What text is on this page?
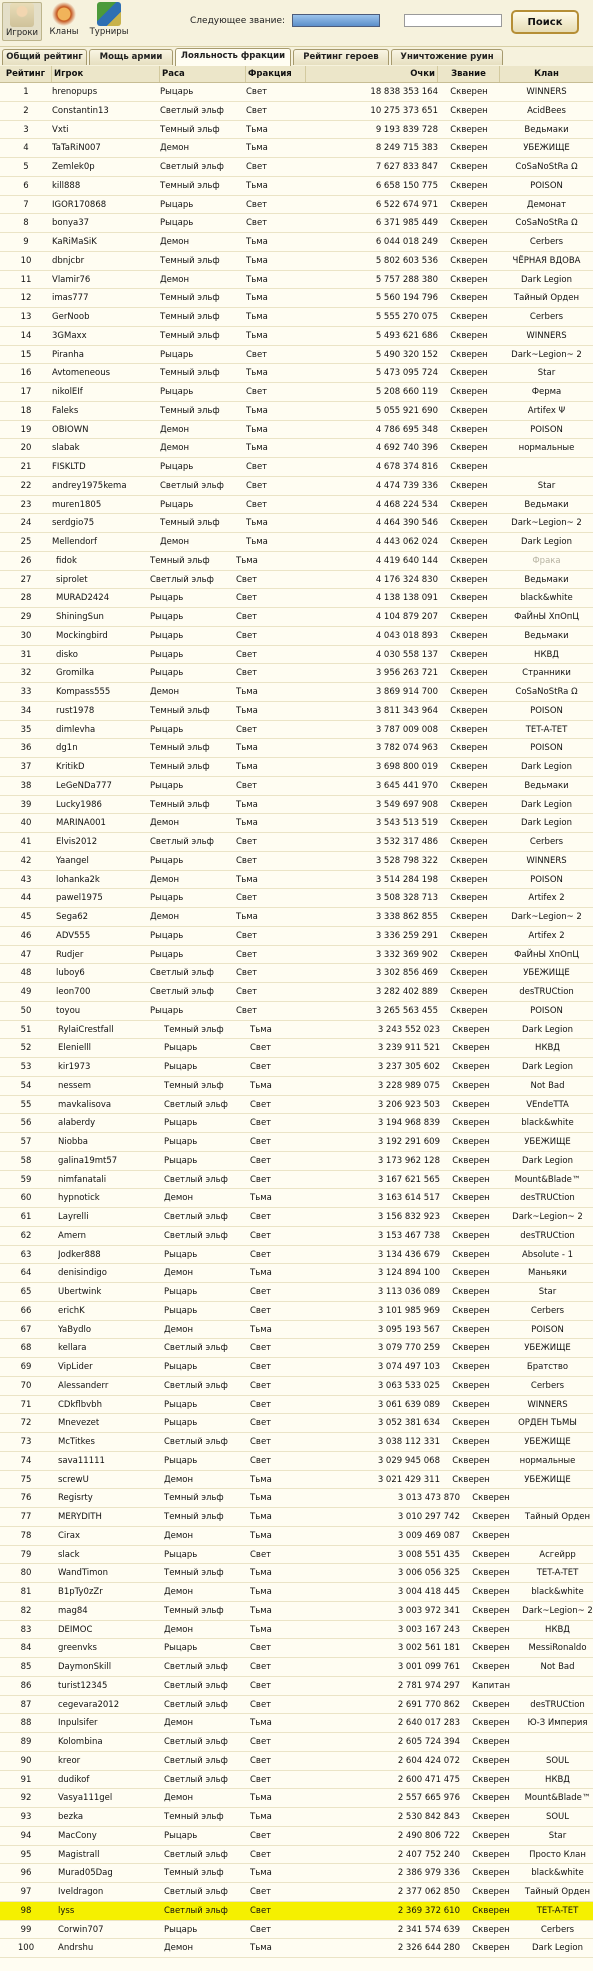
Игроки	Кланы	Турниры
Следующее звание:	Поиск
Общий рейтинг	Мощь армии	Лояльность фракции	Рейтинг героев	Уничтожение руин
Рейтинг	Игрок	Раса	Фракция	Очки	Звание	Клан
1	hrenopups	Рыцарь	Свет	18 838 353 164	Скверен	WINNERS
2	Constantin13	Светлый эльф	Свет	10 275 373 651	Скверен	AcidBees
3	Vxti	Темный эльф	Тьма	9 193 839 728	Скверен	Ведьмаки
4	TaTaRiN007	Демон	Тьма	8 249 715 383	Скверен	УБЕЖИЩЕ
5	Zemlek0p	Светлый эльф	Свет	7 627 833 847	Скверен	CoSaNoStRa Ω
6	kill888	Темный эльф	Тьма	6 658 150 775	Скверен	POISON
7	IGOR170868	Рыцарь	Свет	6 522 674 971	Скверен	Демонат
8	bonya37	Рыцарь	Свет	6 371 985 449	Скверен	CoSaNoStRa Ω
9	KaRiMaSiK	Демон	Тьма	6 044 018 249	Скверен	Cerbers
10	dbnjcbr	Темный эльф	Тьма	5 802 603 536	Скверен	ЧЁРНАЯ ВДОВА
11	Vlamir76	Демон	Тьма	5 757 288 380	Скверен	Dark Legion
12	imas777	Темный эльф	Тьма	5 560 194 796	Скверен	Тайный Орден
13	GerNoob	Темный эльф	Тьма	5 555 270 075	Скверен	Cerbers
14	3GMaxx	Темный эльф	Тьма	5 493 621 686	Скверен	WINNERS
15	Piranha	Рыцарь	Свет	5 490 320 152	Скверен	Dark~Legion~ 2
16	Avtomeneous	Темный эльф	Тьма	5 473 095 724	Скверен	Star
17	nikolEIf	Рыцарь	Свет	5 208 660 119	Скверен	Ферма
18	Faleks	Темный эльф	Тьма	5 055 921 690	Скверен	Artifex Ψ
19	OBIOWN	Демон	Тьма	4 786 695 348	Скверен	POISON
20	slabak	Демон	Тьма	4 692 740 396	Скверен	нормальные
21	FISKLTD	Рыцарь	Свет	4 678 374 816	Скверен
22	andrey1975kema	Светлый эльф	Свет	4 474 739 336	Скверен	Star
23	muren1805	Рыцарь	Свет	4 468 224 534	Скверен	Ведьмаки
24	serdgio75	Темный эльф	Тьма	4 464 390 546	Скверен	Dark~Legion~ 2
25	Mellendorf	Демон	Тьма	4 443 062 024	Скверен	Dark Legion
26	fidok	Темный эльф	Тьма	4 419 640 144	Скверен	Фрака
27	siprolet	Светлый эльф	Свет	4 176 324 830	Скверен	Ведьмаки
28	MURAD2424	Рыцарь	Свет	4 138 138 091	Скверен	black&white
29	ShiningSun	Рыцарь	Свет	4 104 879 207	Скверен	ФаЙнЫ ХпОпЦ
30	Mockingbird	Рыцарь	Свет	4 043 018 893	Скверен	Ведьмаки
31	disko	Рыцарь	Свет	4 030 558 137	Скверен	НКВД
32	Gromilka	Рыцарь	Свет	3 956 263 721	Скверен	Странники
33	Kompass555	Демон	Тьма	3 869 914 700	Скверен	CoSaNoStRa Ω
34	rust1978	Темный эльф	Тьма	3 811 343 964	Скверен	POISON
35	dimlevha	Рыцарь	Свет	3 787 009 008	Скверен	TET-A-TET
36	dg1n	Темный эльф	Тьма	3 782 074 963	Скверен	POISON
37	KritikD	Темный эльф	Тьма	3 698 800 019	Скверен	Dark Legion
38	LeGeNDa777	Рыцарь	Свет	3 645 441 970	Скверен	Ведьмаки
39	Lucky1986	Темный эльф	Тьма	3 549 697 908	Скверен	Dark Legion
40	MARINA001	Демон	Тьма	3 543 513 519	Скверен	Dark Legion
41	Elvis2012	Светлый эльф	Свет	3 532 317 486	Скверен	Cerbers
42	Yaangel	Рыцарь	Свет	3 528 798 322	Скверен	WINNERS
43	lohanka2k	Демон	Тьма	3 514 284 198	Скверен	POISON
44	pawel1975	Рыцарь	Свет	3 508 328 713	Скверен	Artifex 2
45	Sega62	Демон	Тьма	3 338 862 855	Скверен	Dark~Legion~ 2
46	ADV555	Рыцарь	Свет	3 336 259 291	Скверен	Artifex 2
47	Rudjer	Рыцарь	Свет	3 332 369 902	Скверен	ФаЙнЫ ХпОпЦ
48	luboy6	Светлый эльф	Свет	3 302 856 469	Скверен	УБЕЖИЩЕ
49	leon700	Светлый эльф	Свет	3 282 402 889	Скверен	desTRUCtion
50	toyou	Рыцарь	Свет	3 265 563 455	Скверен	POISON
51	RylaiCrestfall	Темный эльф	Тьма	3 243 552 023	Скверен	Dark Legion
52	Elenielll	Рыцарь	Свет	3 239 911 521	Скверен	НКВД
53	kir1973	Рыцарь	Свет	3 237 305 602	Скверен	Dark Legion
54	nessem	Темный эльф	Тьма	3 228 989 075	Скверен	Not Bad
55	mavkalisova	Светлый эльф	Свет	3 206 923 503	Скверен	VEndeTTA
56	alaberdy	Рыцарь	Свет	3 194 968 839	Скверен	black&white
57	Niobba	Рыцарь	Свет	3 192 291 609	Скверен	УБЕЖИЩЕ
58	galina19mt57	Рыцарь	Свет	3 173 962 128	Скверен	Dark Legion
59	nimfanatali	Светлый эльф	Свет	3 167 621 565	Скверен	Mount&Blade™
60	hypnotick	Демон	Тьма	3 163 614 517	Скверен	desTRUCtion
61	Layrelli	Светлый эльф	Свет	3 156 832 923	Скверен	Dark~Legion~ 2
62	Amern	Светлый эльф	Свет	3 153 467 738	Скверен	desTRUCtion
63	Jodker888	Рыцарь	Свет	3 134 436 679	Скверен	Absolute - 1
64	denisindigo	Демон	Тьма	3 124 894 100	Скверен	Маньяки
65	Ubertwink	Рыцарь	Свет	3 113 036 089	Скверен	Star
66	erichK	Рыцарь	Свет	3 101 985 969	Скверен	Cerbers
67	YaBydlo	Демон	Тьма	3 095 193 567	Скверен	POISON
68	kellara	Светлый эльф	Свет	3 079 770 259	Скверен	УБЕЖИЩЕ
69	VipLider	Рыцарь	Свет	3 074 497 103	Скверен	Братство
70	Alessanderr	Светлый эльф	Свет	3 063 533 025	Скверен	Cerbers
71	CDkflbvbh	Рыцарь	Свет	3 061 639 089	Скверен	WINNERS
72	Mnevezet	Рыцарь	Свет	3 052 381 634	Скверен	ОРДЕН ТЬМЫ
73	McTitkes	Светлый эльф	Свет	3 038 112 331	Скверен	УБЕЖИЩЕ
74	sava11111	Рыцарь	Свет	3 029 945 068	Скверен	нормальные
75	screwU	Демон	Тьма	3 021 429 311	Скверен	УБЕЖИЩЕ
76	Regisrty	Темный эльф	Тьма	3 013 473 870	Скверен
77	MERYDITH	Темный эльф	Тьма	3 010 297 742	Скверен	Тайный Орден
78	Cirax	Демон	Тьма	3 009 469 087	Скверен
79	slack	Рыцарь	Свет	3 008 551 435	Скверен	Асгейрр
80	WandTimon	Темный эльф	Тьма	3 006 056 325	Скверен	TET-A-TET
81	B1pTy0zZr	Демон	Тьма	3 004 418 445	Скверен	black&white
82	mag84	Темный эльф	Тьма	3 003 972 341	Скверен	Dark~Legion~ 2
83	DEIMOC	Демон	Тьма	3 003 167 243	Скверен	НКВД
84	greenvks	Рыцарь	Свет	3 002 561 181	Скверен	MessiRonaldo
85	DaymonSkill	Светлый эльф	Свет	3 001 099 761	Скверен	Not Bad
86	turist12345	Светлый эльф	Свет	2 781 974 297	Капитан
87	cegevara2012	Светлый эльф	Свет	2 691 770 862	Скверен	desTRUCtion
88	Inpulsifer	Демон	Тьма	2 640 017 283	Скверен	Ю-З Империя
89	Kolombina	Светлый эльф	Свет	2 605 724 394	Скверен
90	kreor	Светлый эльф	Свет	2 604 424 072	Скверен	SOUL
91	dudikof	Светлый эльф	Свет	2 600 471 475	Скверен	НКВД
92	Vasya111gel	Демон	Тьма	2 557 665 976	Скверен	Mount&Blade™
93	bezka	Темный эльф	Тьма	2 530 842 843	Скверен	SOUL
94	MacCony	Рыцарь	Свет	2 490 806 722	Скверен	Star
95	Magistrall	Светлый эльф	Свет	2 407 752 240	Скверен	Просто Клан
96	Murad05Dag	Темный эльф	Тьма	2 386 979 336	Скверен	black&white
97	Iveldragon	Светлый эльф	Свет	2 377 062 850	Скверен	Тайный Орден
98	lyss	Светлый эльф	Свет	2 369 372 610	Скверен	TET-A-TET
99	Corwin707	Рыцарь	Свет	2 341 574 639	Скверен	Cerbers
100	Andrshu	Демон	Тьма	2 326 644 280	Скверен	Dark Legion
